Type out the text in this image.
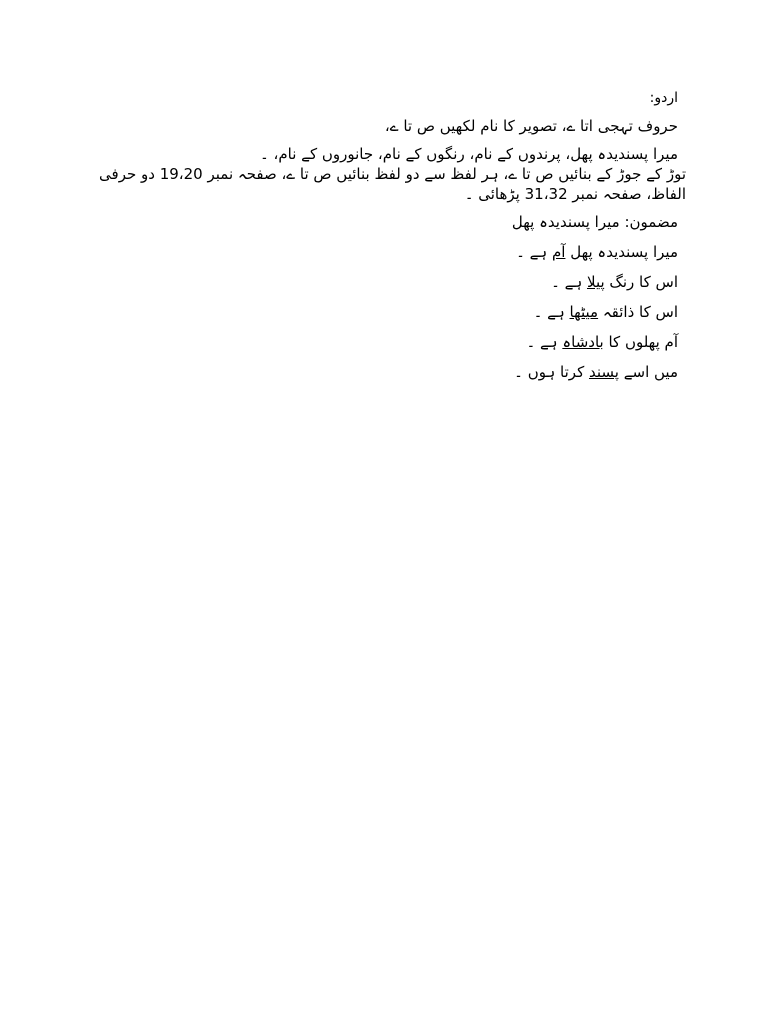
اردو:
حروف تہجی اتا ے، تصویر کا نام لکھیں ص تا ے،
میرا پسندیدہ پھل، پرندوں کے نام، رنگوں کے نام، جانوروں کے نام، ۔
توڑ کے جوڑ کے بنائیں ص تا ے، ہر لفظ سے دو لفظ بنائیں ص تا ے، صفحہ نمبر 19،20 دو حرفی الفاظ، صفحہ نمبر 31،32 پڑھائی ۔
مضمون: میرا پسندیدہ پھل
میرا پسندیدہ پھل آم ہے ۔
اس کا رنگ پیلا ہے ۔
اس کا ذائقہ میٹھا ہے ۔
آم پھلوں کا بادشاہ ہے ۔
میں اسے پسند کرتا ہوں ۔
